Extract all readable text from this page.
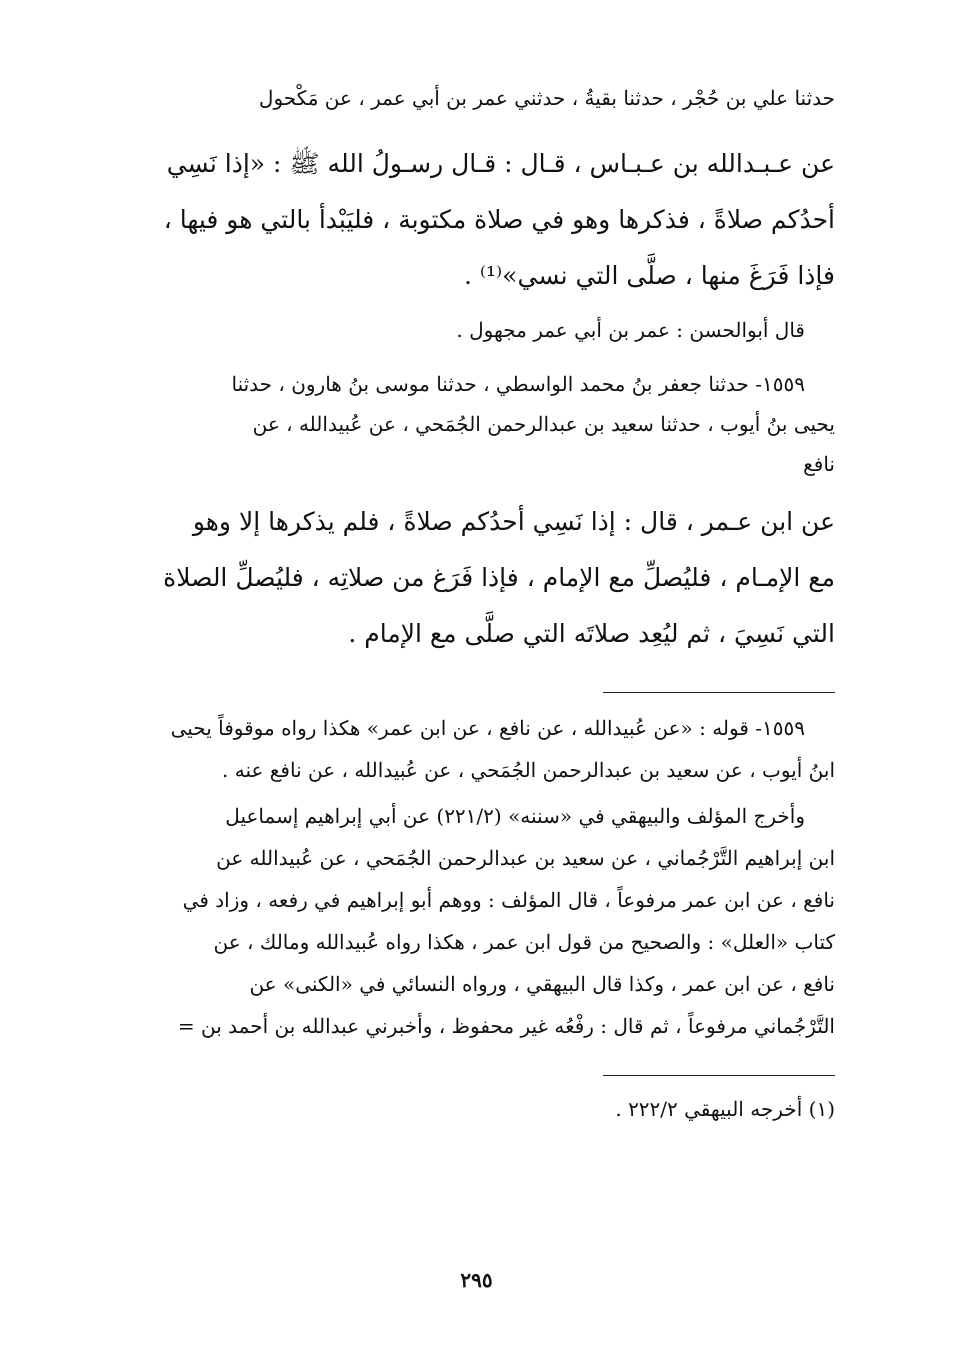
حدثنا علي بن حُجْر ، حدثنا بقيةُ ، حدثني عمر بن أبي عمر ، عن مَكْحول

عن عـبـدالله بن عـبـاس ، قـال : قـال رسـولُ الله ﷺ : «إذا نَسِي

أحدُكم صلاةً ، فذكرها وهو في صلاة مكتوبة ، فليَبْدأ بالتي هو فيها ،

فإذا فَرَغَ منها ، صلَّى التي نسي»⁽¹⁾ .

قال أبوالحسن : عمر بن أبي عمر مجهول .

١٥٥٩- حدثنا جعفر بنُ محمد الواسطي ، حدثنا موسى بنُ هارون ، حدثنا

يحيى بنُ أيوب ، حدثنا سعيد بن عبدالرحمن الجُمَحي ، عن عُبيدالله ، عن

نافع

عن ابن عـمر ، قال : إذا نَسِي أحدُكم صلاةً ، فلم يذكرها إلا وهو

مع الإمـام ، فليُصلِّ مع الإمام ، فإذا فَرَغ من صلاتِه ، فليُصلِّ الصلاة

التي نَسِيَ ، ثم ليُعِد صلاتَه التي صلَّى مع الإمام .

١٥٥٩- قوله : «عن عُبيدالله ، عن نافع ، عن ابن عمر» هكذا رواه موقوفاً يحيى

ابنُ أيوب ، عن سعيد بن عبدالرحمن الجُمَحي ، عن عُبيدالله ، عن نافع عنه .

وأخرج المؤلف والبيهقي في «سننه» (٢٢١/٢) عن أبي إبراهيم إسماعيل

ابن إبراهيم التَّرْجُماني ، عن سعيد بن عبدالرحمن الجُمَحي ، عن عُبيدالله عن

نافع ، عن ابن عمر مرفوعاً ، قال المؤلف : ووهم أبو إبراهيم في رفعه ، وزاد في

كتاب «العلل» : والصحيح من قول ابن عمر ، هكذا رواه عُبيدالله ومالك ، عن

نافع ، عن ابن عمر ، وكذا قال البيهقي ، ورواه النسائي في «الكنى» عن

التَّرْجُماني مرفوعاً ، ثم قال : رفْعُه غير محفوظ ، وأخبرني عبدالله بن أحمد بن =

(١) أخرجه البيهقي ٢٢٢/٢ .

٢٩٥
